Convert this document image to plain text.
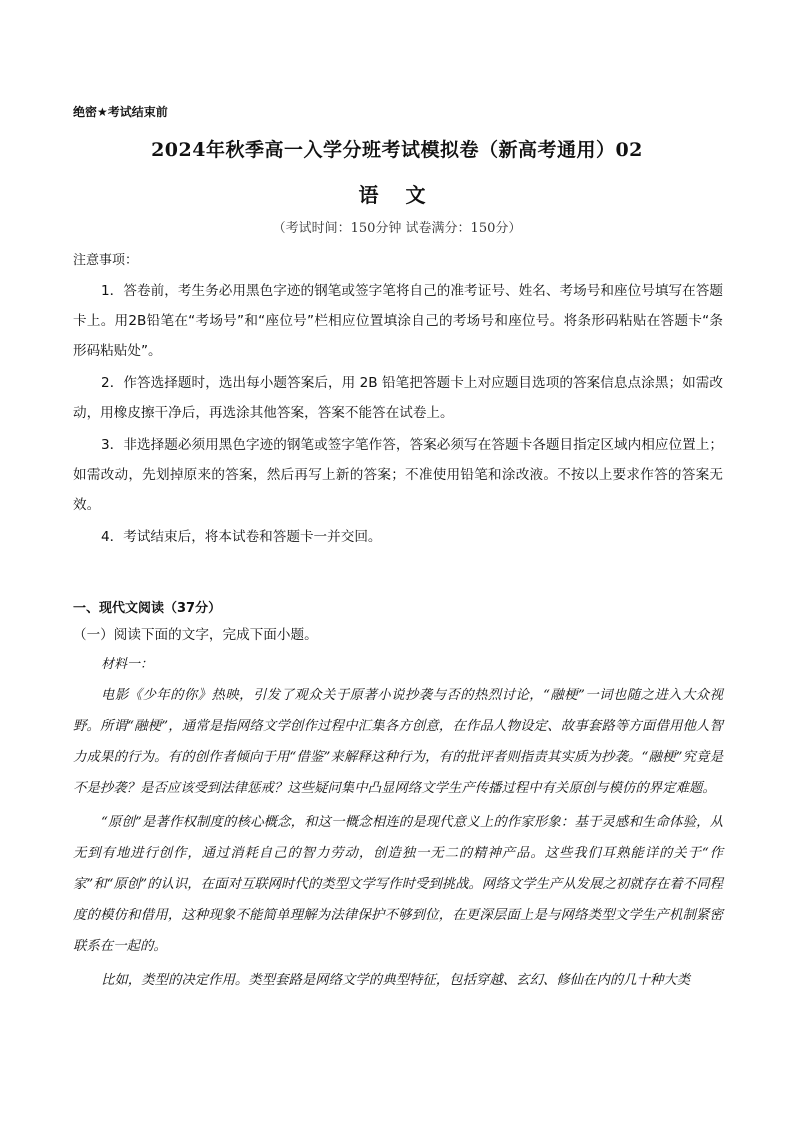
绝密★考试结束前
2024年秋季高一入学分班考试模拟卷（新高考通用）02
语 文
（考试时间：150分钟 试卷满分：150分）
注意事项：

1．答卷前，考生务必用黑色字迹的钢笔或签字笔将自己的准考证号、姓名、考场号和座位号填写在答题卡上。用2B铅笔在“考场号”和“座位号”栏相应位置填涂自己的考场号和座位号。将条形码粘贴在答题卡“条形码粘贴处”。

2．作答选择题时，选出每小题答案后，用 2B 铅笔把答题卡上对应题目选项的答案信息点涂黑；如需改动，用橡皮擦干净后，再选涂其他答案，答案不能答在试卷上。

3．非选择题必须用黑色字迹的钢笔或签字笔作答，答案必须写在答题卡各题目指定区域内相应位置上；如需改动，先划掉原来的答案，然后再写上新的答案；不准使用铅笔和涂改液。不按以上要求作答的答案无效。

4．考试结束后，将本试卷和答题卡一并交回。

一、现代文阅读（37分）
（一）阅读下面的文字，完成下面小题。
材料一：

电影《少年的你》热映，引发了观众关于原著小说抄袭与否的热烈讨论，“融梗”一词也随之进入大众视野。所谓“融梗”，通常是指网络文学创作过程中汇集各方创意，在作品人物设定、故事套路等方面借用他人智力成果的行为。有的创作者倾向于用“借鉴”来解释这种行为，有的批评者则指责其实质为抄袭。“融梗”究竟是不是抄袭？是否应该受到法律惩戒？这些疑问集中凸显网络文学生产传播过程中有关原创与模仿的界定难题。

“原创”是著作权制度的核心概念，和这一概念相连的是现代意义上的作家形象：基于灵感和生命体验，从无到有地进行创作，通过消耗自己的智力劳动，创造独一无二的精神产品。这些我们耳熟能详的关于“作家”和“原创”的认识，在面对互联网时代的类型文学写作时受到挑战。网络文学生产从发展之初就存在着不同程度的模仿和借用，这种现象不能简单理解为法律保护不够到位，在更深层面上是与网络类型文学生产机制紧密联系在一起的。

比如，类型的决定作用。类型套路是网络文学的典型特征，包括穿越、玄幻、修仙在内的几十种大类
